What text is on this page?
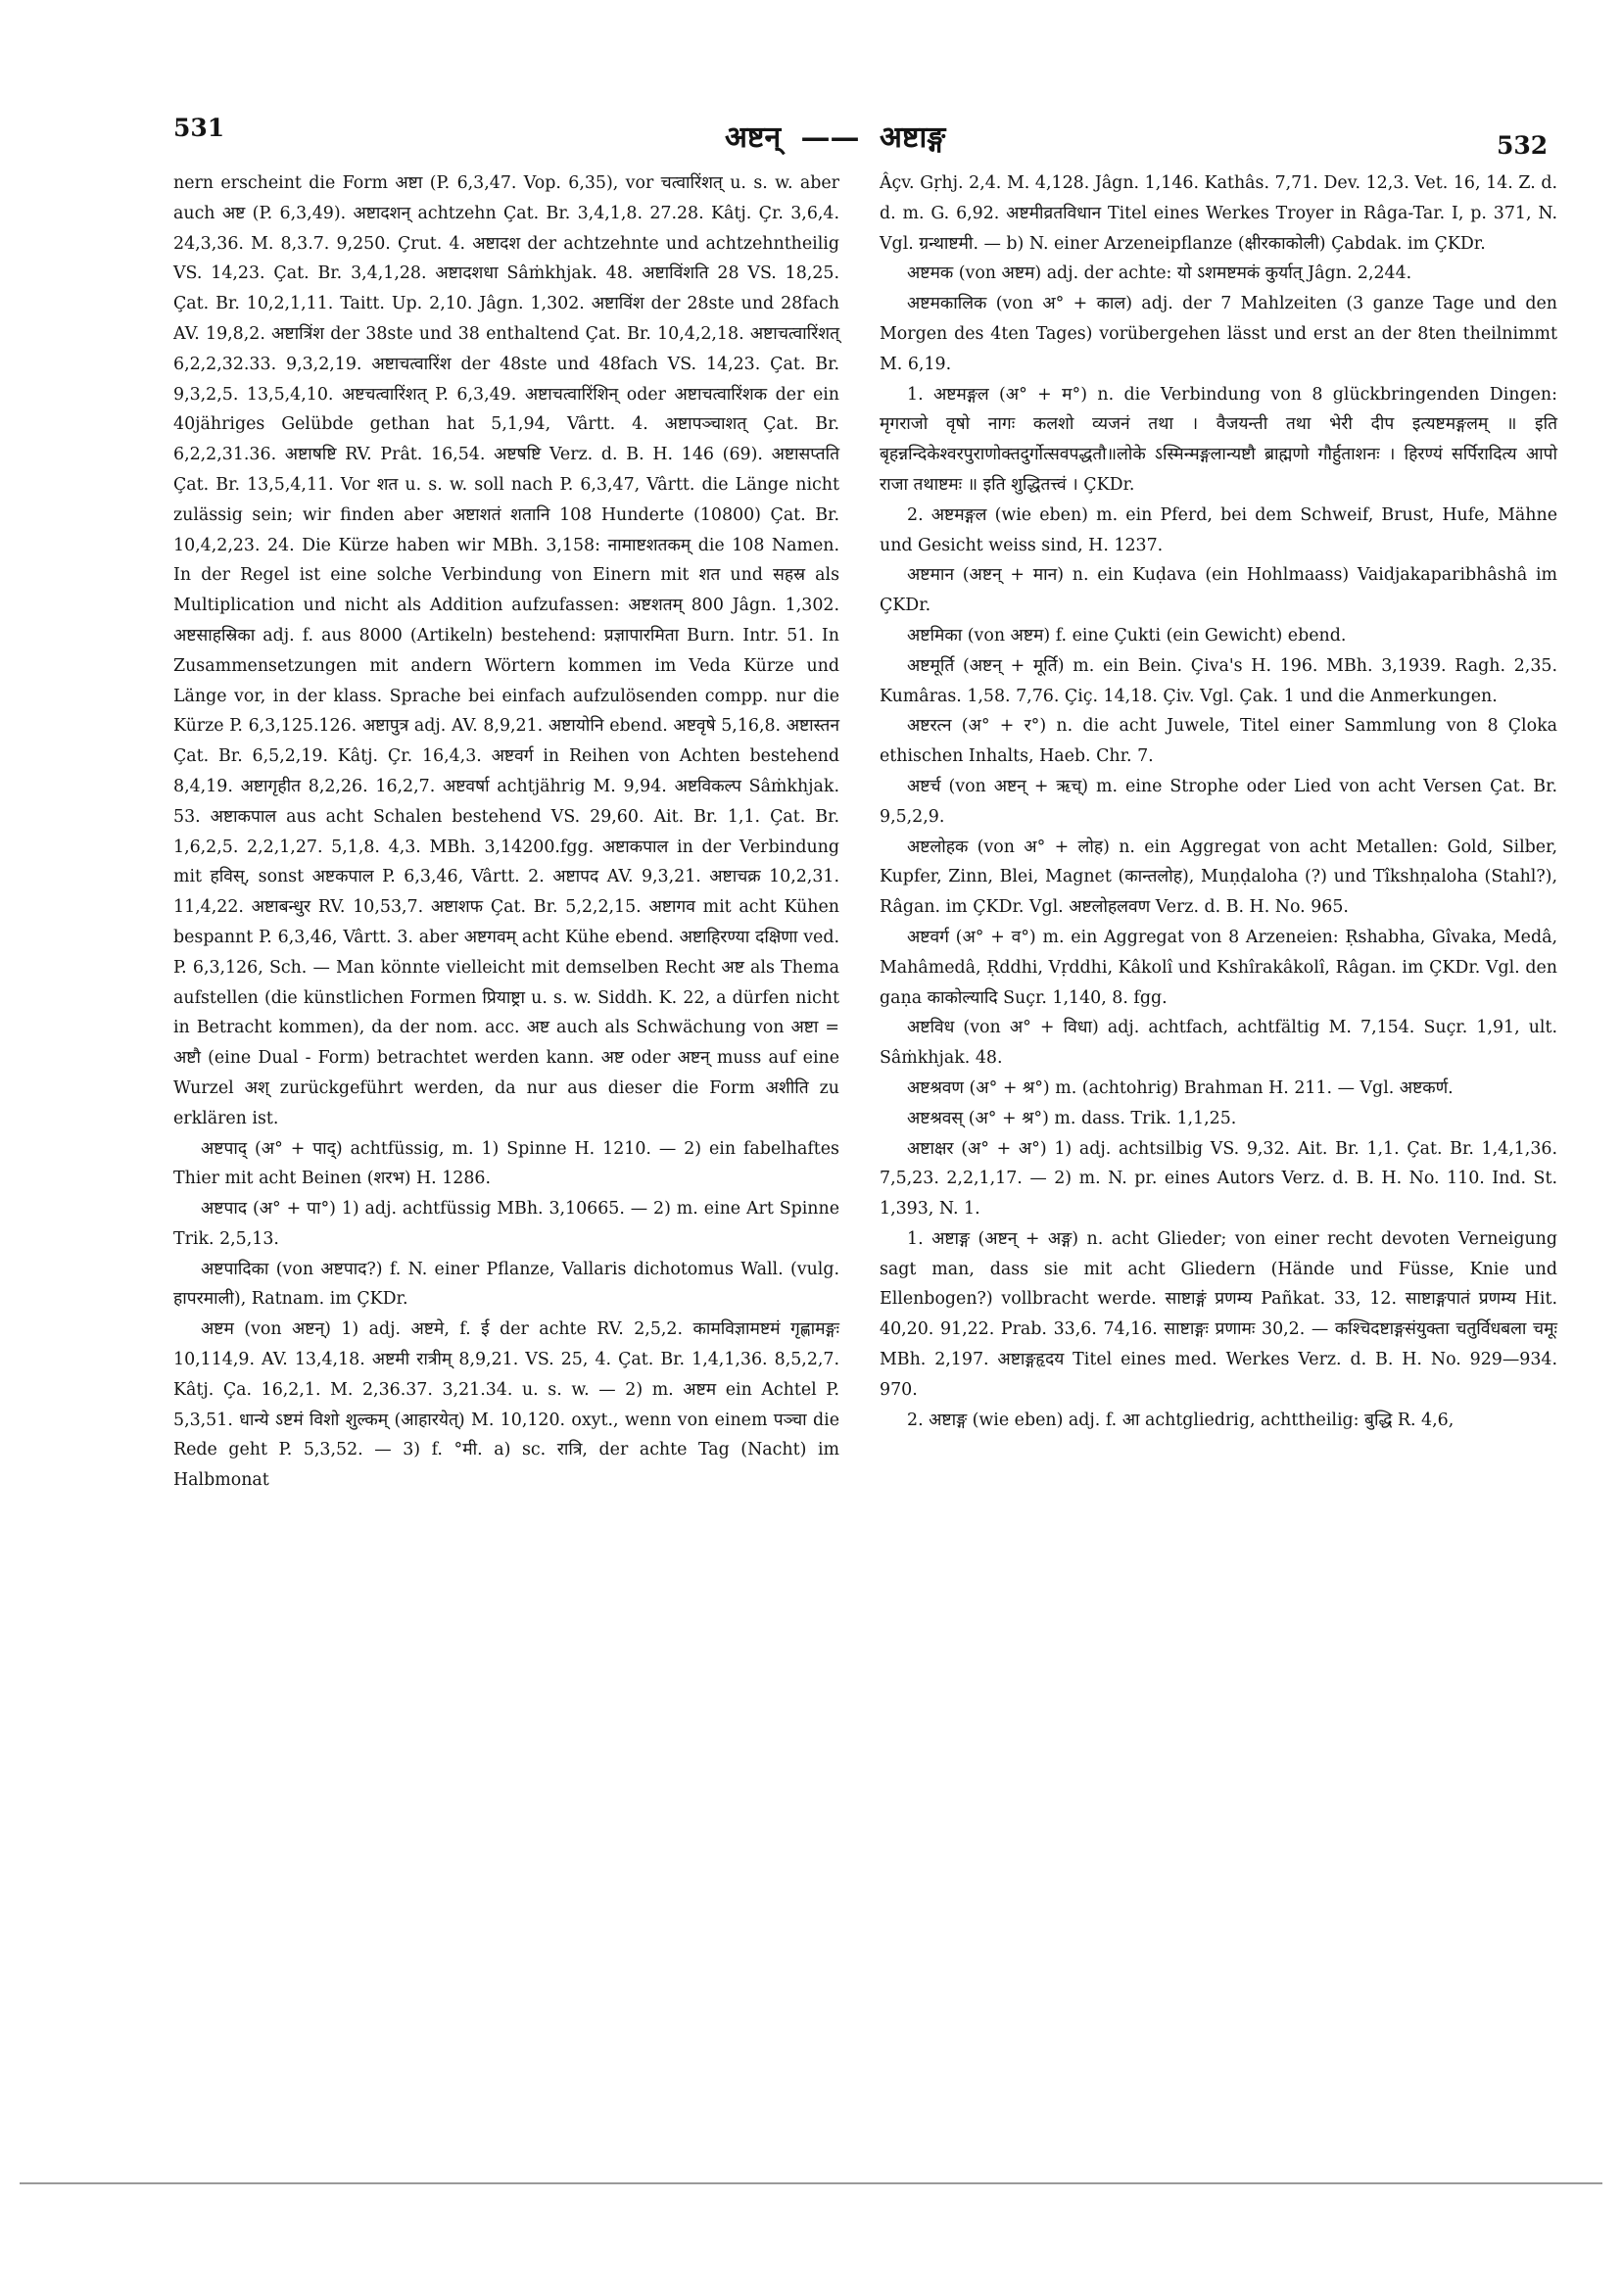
531	अष्टन् —— अष्टाङ्ग	532

nern erscheint die Form अष्टा (P. 6,3,47. Vop. 6,35), vor चत्वारिंशत् u. s. w. aber auch अष्ट (P. 6,3,49). अष्टादशन् achtzehn Çat. Br. 3,4,1,8. 27.28. Kâtj. Çr. 3,6,4. 24,3,36. M. 8,3.7. 9,250. Çrut. 4. अष्टादश der achtzehnte und achtzehntheilig VS. 14,23. Çat. Br. 3,4,1,28. अष्टादशधा Sâṁkhjak. 48. अष्टाविंशति 28 VS. 18,25. Çat. Br. 10,2,1,11. Taitt. Up. 2,10. Jâgn. 1,302. अष्टाविंश der 28ste und 28fach AV. 19,8,2. अष्टात्रिंश der 38ste und 38 enthaltend Çat. Br. 10,4,2,18. अष्टाचत्वारिंशत् 6,2,2,32.33. 9,3,2,19. अष्टाचत्वारिंश der 48ste und 48fach VS. 14,23. Çat. Br. 9,3,2,5. 13,5,4,10. अष्टचत्वारिंशत् P. 6,3,49. अष्टाचत्वारिंशिन् oder अष्टाचत्वारिंशक der ein 40jähriges Gelübde gethan hat 5,1,94, Vârtt. 4. अष्टापञ्चाशत् Çat. Br. 6,2,2,31.36. अष्टाषष्टि RV. Prât. 16,54. अष्टषष्टि Verz. d. B. H. 146 (69). अष्टासप्तति Çat. Br. 13,5,4,11. Vor शत u. s. w. soll nach P. 6,3,47, Vârtt. die Länge nicht zulässig sein; wir finden aber अष्टाशतं शतानि 108 Hunderte (10800) Çat. Br. 10,4,2,23. 24. Die Kürze haben wir MBh. 3,158: नामाष्टशतकम् die 108 Namen. In der Regel ist eine solche Verbindung von Einern mit शत und सहस्र als Multiplication und nicht als Addition aufzufassen: अष्टशतम् 800 Jâgn. 1,302. अष्टसाहस्रिका adj. f. aus 8000 (Artikeln) bestehend: प्रज्ञापारमिता Burn. Intr. 51. In Zusammensetzungen mit andern Wörtern kommen im Veda Kürze und Länge vor, in der klass. Sprache bei einfach aufzulösenden compp. nur die Kürze P. 6,3,125.126. अष्टापुत्र adj. AV. 8,9,21. अष्टायोनि ebend. अष्टवृषे 5,16,8. अष्टास्तन Çat. Br. 6,5,2,19. Kâtj. Çr. 16,4,3. अष्टवर्ग in Reihen von Achten bestehend 8,4,19. अष्टागृहीत 8,2,26. 16,2,7. अष्टवर्षा achtjährig M. 9,94. अष्टविकल्प Sâṁkhjak. 53. अष्टाकपाल aus acht Schalen bestehend VS. 29,60. Ait. Br. 1,1. Çat. Br. 1,6,2,5. 2,2,1,27. 5,1,8. 4,3. MBh. 3,14200.fgg. अष्टाकपाल in der Verbindung mit हविस्, sonst अष्टकपाल P. 6,3,46, Vârtt. 2. अष्टापद AV. 9,3,21. अष्टाचक्र 10,2,31. 11,4,22. अष्टाबन्धुर RV. 10,53,7. अष्टाशफ Çat. Br. 5,2,2,15. अष्टागव mit acht Kühen bespannt P. 6,3,46, Vârtt. 3. aber अष्टगवम् acht Kühe ebend. अष्टाहिरण्या दक्षिणा ved. P. 6,3,126, Sch. — Man könnte vielleicht mit demselben Recht अष्ट als Thema aufstellen (die künstlichen Formen प्रियाष्ट्रा u. s. w. Siddh. K. 22, a dürfen nicht in Betracht kommen), da der nom. acc. अष्ट auch als Schwächung von अष्टा = अष्टौ (eine Dual - Form) betrachtet werden kann. अष्ट oder अष्टन् muss auf eine Wurzel अश् zurückgeführt werden, da nur aus dieser die Form अशीति zu erklären ist.

अष्टपाद् (अ° + पाद्) achtfüssig, m. 1) Spinne H. 1210. — 2) ein fabelhaftes Thier mit acht Beinen (शरभ) H. 1286.

अष्टपाद (अ° + पा°) 1) adj. achtfüssig MBh. 3,10665. — 2) m. eine Art Spinne Trik. 2,5,13.

अष्टपादिका (von अष्टपाद?) f. N. einer Pflanze, Vallaris dichotomus Wall. (vulg. हापरमाली), Ratnam. im ÇKDr.

अष्टम (von अष्टन्) 1) adj. अष्टमे, f. ई der achte RV. 2,5,2. कामविज्ञामष्टमं गृह्णामङ्गः 10,114,9. AV. 13,4,18. अष्टमी रात्रीम् 8,9,21. VS. 25, 4. Çat. Br. 1,4,1,36. 8,5,2,7. Kâtj. Ça. 16,2,1. M. 2,36.37. 3,21.34. u. s. w. — 2) m. अष्टम ein Achtel P. 5,3,51. धान्ये ऽष्टमं विशो शुल्कम् (आहारयेत्) M. 10,120. oxyt., wenn von einem पञ्चा die Rede geht P. 5,3,52. — 3) f. °मी. a) sc. रात्रि, der achte Tag (Nacht) im Halbmonat

Âçv. Gṛhj. 2,4. M. 4,128. Jâgn. 1,146. Kathâs. 7,71. Dev. 12,3. Vet. 16, 14. Z. d. d. m. G. 6,92. अष्टमीव्रतविधान Titel eines Werkes Troyer in Râga-Tar. I, p. 371, N. Vgl. ग्रन्थाष्टमी. — b) N. einer Arzeneipflanze (क्षीरकाकोली) Çabdak. im ÇKDr.

अष्टमक (von अष्टम) adj. der achte: यो ऽशमष्टमकं कुर्यात् Jâgn. 2,244.

अष्टमकालिक (von अ° + काल) adj. der 7 Mahlzeiten (3 ganze Tage und den Morgen des 4ten Tages) vorübergehen lässt und erst an der 8ten theilnimmt M. 6,19.

1. अष्टमङ्गल (अ° + म°) n. die Verbindung von 8 glückbringenden Dingen: मृगराजो वृषो नागः कलशो व्यजनं तथा । वैजयन्ती तथा भेरी दीप इत्यष्टमङ्गलम् ॥ इति बृहन्नन्दिकेश्वरपुराणोक्तदुर्गोत्सवपद्धतौ॥लोके ऽस्मिन्मङ्गलान्यष्टौ ब्राह्मणो गौर्हुताशनः । हिरण्यं सर्पिरादित्य आपो राजा तथाष्टमः ॥ इति शुद्धितत्त्वं । ÇKDr.

2. अष्टमङ्गल (wie eben) m. ein Pferd, bei dem Schweif, Brust, Hufe, Mähne und Gesicht weiss sind, H. 1237.

अष्टमान (अष्टन् + मान) n. ein Kuḍava (ein Hohlmaass) Vaidjakaparibhâshâ im ÇKDr.

अष्टमिका (von अष्टम) f. eine Çukti (ein Gewicht) ebend.

अष्टमूर्ति (अष्टन् + मूर्ति) m. ein Bein. Çiva's H. 196. MBh. 3,1939. Ragh. 2,35. Kumâras. 1,58. 7,76. Çiç. 14,18. Çiv. Vgl. Çak. 1 und die Anmerkungen.

अष्टरत्न (अ° + र°) n. die acht Juwele, Titel einer Sammlung von 8 Çloka ethischen Inhalts, Haeb. Chr. 7.

अष्टर्च (von अष्टन् + ऋच्) m. eine Strophe oder Lied von acht Versen Çat. Br. 9,5,2,9.

अष्टलोहक (von अ° + लोह) n. ein Aggregat von acht Metallen: Gold, Silber, Kupfer, Zinn, Blei, Magnet (कान्तलोह), Muṇḍaloha (?) und Tîkshṇaloha (Stahl?), Râgan. im ÇKDr. Vgl. अष्टलोहलवण Verz. d. B. H. No. 965.

अष्टवर्ग (अ° + व°) m. ein Aggregat von 8 Arzeneien: Ṛshabha, Gîvaka, Medâ, Mahâmedâ, Ṛddhi, Vṛddhi, Kâkolî und Kshîrakâkolî, Râgan. im ÇKDr. Vgl. den gaṇa काकोल्यादि Suçr. 1,140, 8. fgg.

अष्टविध (von अ° + विधा) adj. achtfach, achtfältig M. 7,154. Suçr. 1,91, ult. Sâṁkhjak. 48.

अष्टश्रवण (अ° + श्र°) m. (achtohrig) Brahman H. 211. — Vgl. अष्टकर्ण.

अष्टश्रवस् (अ° + श्र°) m. dass. Trik. 1,1,25.

अष्टाक्षर (अ° + अ°) 1) adj. achtsilbig VS. 9,32. Ait. Br. 1,1. Çat. Br. 1,4,1,36. 7,5,23. 2,2,1,17. — 2) m. N. pr. eines Autors Verz. d. B. H. No. 110. Ind. St. 1,393, N. 1.

1. अष्टाङ्ग (अष्टन् + अङ्ग) n. acht Glieder; von einer recht devoten Verneigung sagt man, dass sie mit acht Gliedern (Hände und Füsse, Knie und Ellenbogen?) vollbracht werde. साष्टाङ्गं प्रणम्य Pañkat. 33, 12. साष्टाङ्गपातं प्रणम्य Hit. 40,20. 91,22. Prab. 33,6. 74,16. साष्टाङ्गः प्रणामः 30,2. — कश्चिदष्टाङ्गसंयुक्ता चतुर्विधबला चमूः MBh. 2,197. अष्टाङ्गहृदय Titel eines med. Werkes Verz. d. B. H. No. 929—934. 970.

2. अष्टाङ्ग (wie eben) adj. f. आ achtgliedrig, achttheilig: बुद्धि R. 4,6,
